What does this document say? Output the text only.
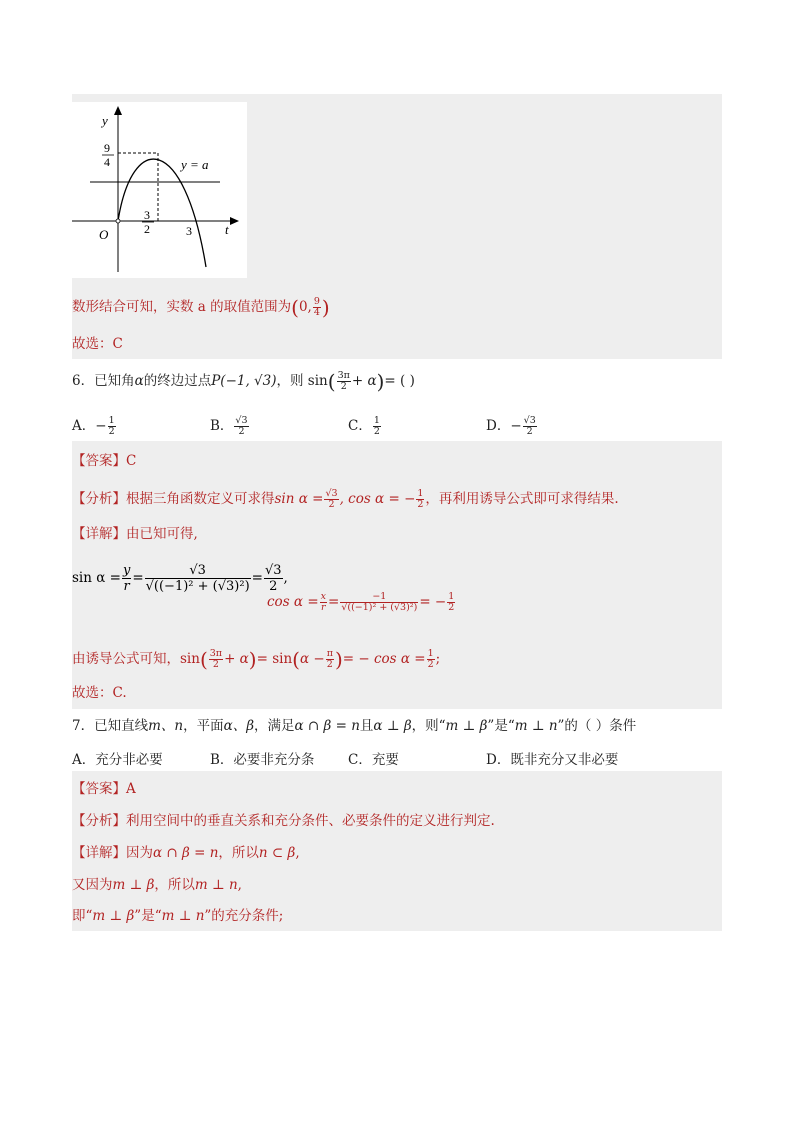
y
t
O
9
4
3
2	3
y = a
数形结合可知，实数 a 的取值范围为(0, $\frac{9}{4}$ )
故选：C
6．已知角α的终边过点P(−1, √3)，则 $\sin( \frac{3\pi}{2} + \alpha)=$ ( )
A．− $\frac{1}{2}$	B． $\frac{√3}{2}$	C． $\frac{1}{2}$	D．− $\frac{√3}{2}$
【答案】C
【分析】根据三角函数定义可求得$\sin \alpha = \frac{√3}{2}$ , cos α = − $\frac{1}{2}$ ，再利用诱导公式即可求得结果.
【详解】由已知可得,
$\sin \alpha = \frac{y}{r} = \frac{√3}{\text{√((−1)² + (√3)²)}} = \frac{√3}{2}$ ,
$\cos \alpha = \frac{x}{r} = \frac{-1}{\text{√((−1)² + (√3)²)}}$ = − $\frac{1}{2}$
由诱导公式可知，$\sin( \frac{3\pi}{2} + \alpha)= \sin(\alpha - \frac{\pi}{2}$ )= − $\cos \alpha = \frac{1}{2}$ ;
故选：C.
7．已知直线m、n，平面α、β，满足α ∩ β = n且α ⊥ β，则“m ⊥ β”是“m ⊥ n”的（ ）条件
A．充分非必要	B．必要非充分条 C．充要	D．既非充分又非必要
【答案】A
【分析】利用空间中的垂直关系和充分条件、必要条件的定义进行判定.
【详解】因为α ∩ β = n，所以n ⊂ β,
又因为m ⊥ β，所以m ⊥ n,
即“m ⊥ β”是“m ⊥ n”的充分条件;
